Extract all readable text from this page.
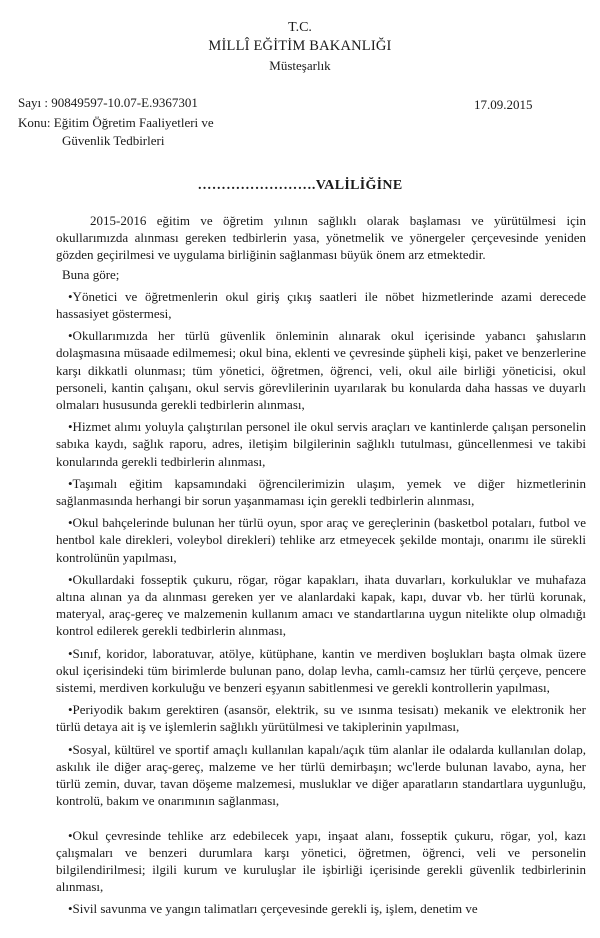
T.C.
MİLLÎ EĞİTİM BAKANLIĞI
Müsteşarlık
Sayı : 90849597-10.07-E.9367301	17.09.2015
Konu: Eğitim Öğretim Faaliyetleri ve
Güvenlik Tedbirleri
…………………….VALİLİĞİNE

2015-2016 eğitim ve öğretim yılının sağlıklı olarak başlaması ve yürütülmesi için okullarımızda alınması gereken tedbirlerin yasa, yönetmelik ve yönergeler çerçevesinde yeniden gözden geçirilmesi ve uygulama birliğinin sağlanması büyük önem arz etmektedir.

Buna göre;

•Yönetici ve öğretmenlerin okul giriş çıkış saatleri ile nöbet hizmetlerinde azami derecede hassasiyet göstermesi,

•Okullarımızda her türlü güvenlik önleminin alınarak okul içerisinde yabancı şahısların dolaşmasına müsaade edilmemesi; okul bina, eklenti ve çevresinde şüpheli kişi, paket ve benzerlerine karşı dikkatli olunması; tüm yönetici, öğretmen, öğrenci, veli, okul aile birliği yöneticisi, okul personeli, kantin çalışanı, okul servis görevlilerinin uyarılarak bu konularda daha hassas ve duyarlı olmaları hususunda gerekli tedbirlerin alınması,

•Hizmet alımı yoluyla çalıştırılan personel ile okul servis araçları ve kantinlerde çalışan personelin sabıka kaydı, sağlık raporu, adres, iletişim bilgilerinin sağlıklı tutulması, güncellenmesi ve takibi konularında gerekli tedbirlerin alınması,

•Taşımalı eğitim kapsamındaki öğrencilerimizin ulaşım, yemek ve diğer hizmetlerinin sağlanmasında herhangi bir sorun yaşanmaması için gerekli tedbirlerin alınması,

•Okul bahçelerinde bulunan her türlü oyun, spor araç ve gereçlerinin (basketbol potaları, futbol ve hentbol kale direkleri, voleybol direkleri) tehlike arz etmeyecek şekilde montajı, onarımı ile sürekli kontrolünün yapılması,

•Okullardaki fosseptik çukuru, rögar, rögar kapakları, ihata duvarları, korkuluklar ve muhafaza altına alınan ya da alınması gereken yer ve alanlardaki kapak, kapı, duvar vb. her türlü korunak, materyal, araç-gereç ve malzemenin kullanım amacı ve standartlarına uygun nitelikte olup olmadığı kontrol edilerek gerekli tedbirlerin alınması,

•Sınıf, koridor, laboratuvar, atölye, kütüphane, kantin ve merdiven boşlukları başta olmak üzere okul içerisindeki tüm birimlerde bulunan pano, dolap levha, camlı-camsız her türlü çerçeve, pencere sistemi, merdiven korkuluğu ve benzeri eşyanın sabitlenmesi ve gerekli kontrollerin yapılması,

•Periyodik bakım gerektiren (asansör, elektrik, su ve ısınma tesisatı) mekanik ve elektronik her türlü detaya ait iş ve işlemlerin sağlıklı yürütülmesi ve takiplerinin yapılması,

•Sosyal, kültürel ve sportif amaçlı kullanılan kapalı/açık tüm alanlar ile odalarda kullanılan dolap, askılık ile diğer araç-gereç, malzeme ve her türlü demirbaşın; wc'lerde bulunan lavabo, ayna, her türlü zemin, duvar, tavan döşeme malzemesi, musluklar ve diğer aparatların standartlara uygunluğu, kontrolü, bakım ve onarımının sağlanması,

•Okul çevresinde tehlike arz edebilecek yapı, inşaat alanı, fosseptik çukuru, rögar, yol, kazı çalışmaları ve benzeri durumlara karşı yönetici, öğretmen, öğrenci, veli ve personelin bilgilendirilmesi; ilgili kurum ve kuruluşlar ile işbirliği içerisinde gerekli güvenlik tedbirlerinin alınması,

•Sivil savunma ve yangın talimatları çerçevesinde gerekli iş, işlem, denetim ve
